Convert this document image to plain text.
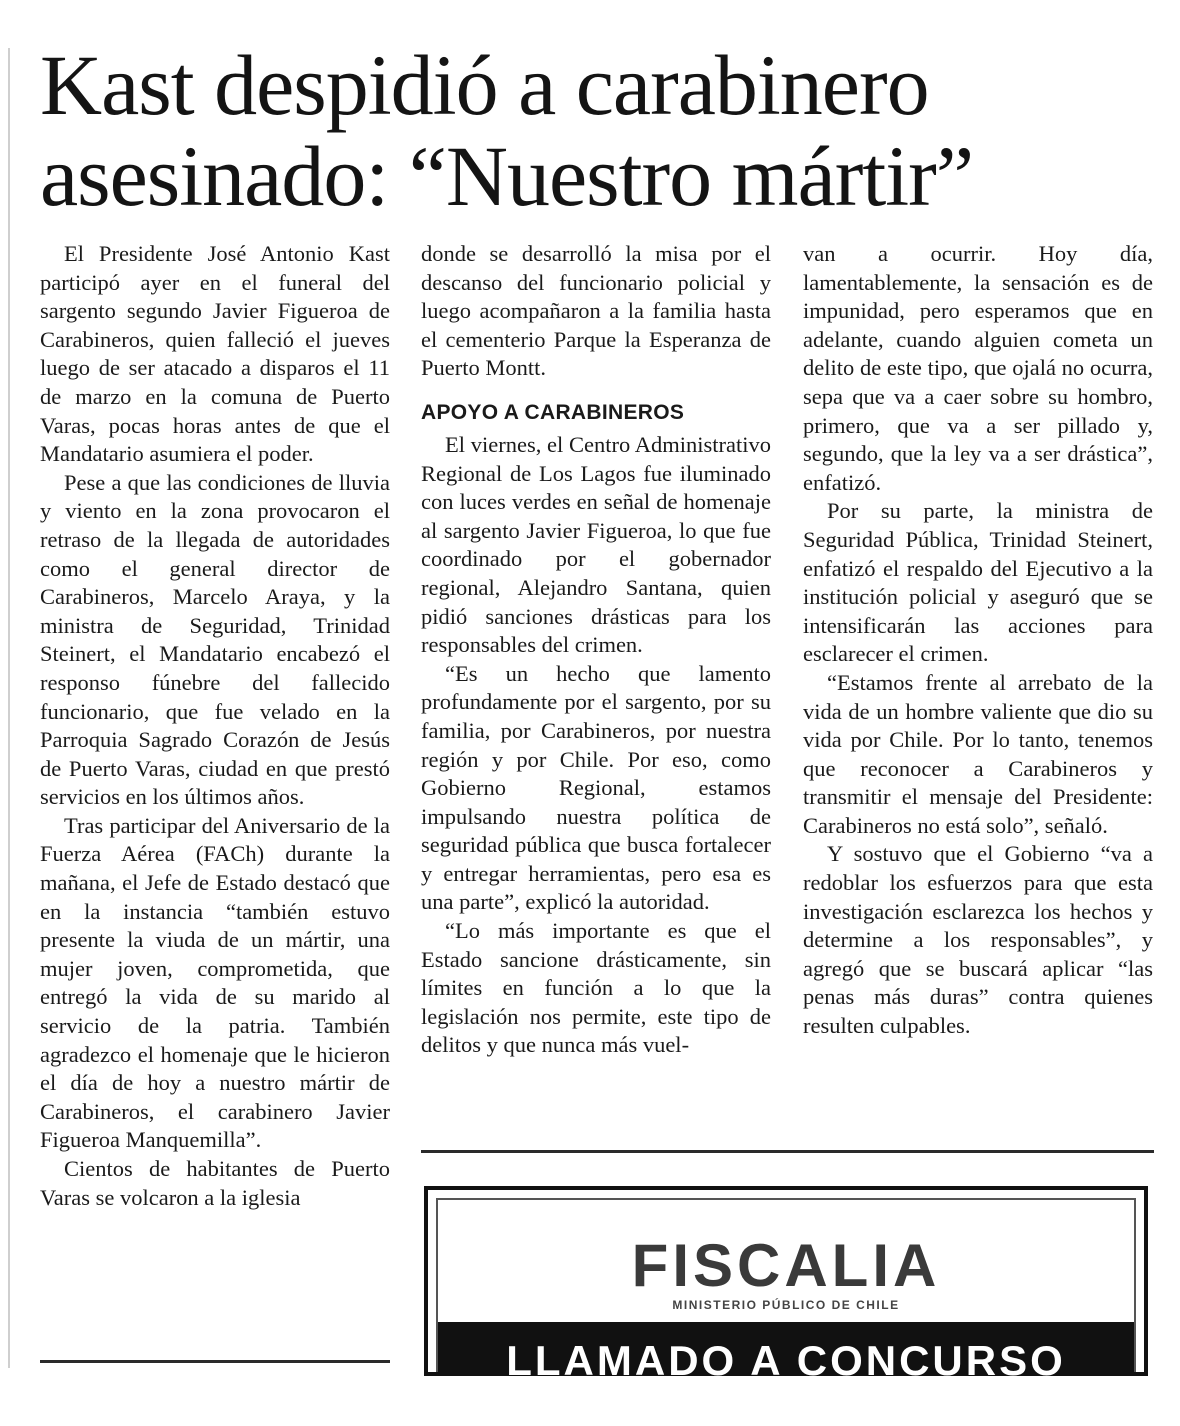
Kast despidió a carabinero asesinado: “Nuestro mártir”

El Presidente José Antonio Kast participó ayer en el funeral del sargento segundo Javier Figueroa de Carabineros, quien falleció el jueves luego de ser atacado a disparos el 11 de marzo en la comuna de Puerto Varas, pocas horas antes de que el Mandatario asumiera el poder.

Pese a que las condiciones de lluvia y viento en la zona provocaron el retraso de la llegada de autoridades como el general director de Carabineros, Marcelo Araya, y la ministra de Seguridad, Trinidad Steinert, el Mandatario encabezó el responso fúnebre del fallecido funcionario, que fue velado en la Parroquia Sagrado Corazón de Jesús de Puerto Varas, ciudad en que prestó servicios en los últimos años.

Tras participar del Aniversario de la Fuerza Aérea (FACh) durante la mañana, el Jefe de Estado destacó que en la instancia “también estuvo presente la viuda de un mártir, una mujer joven, comprometida, que entregó la vida de su marido al servicio de la patria. También agradezco el homenaje que le hicieron el día de hoy a nuestro mártir de Carabineros, el carabinero Javier Figueroa Manquemilla”.

Cientos de habitantes de Puerto Varas se volcaron a la iglesia

donde se desarrolló la misa por el descanso del funcionario policial y luego acompañaron a la familia hasta el cementerio Parque la Esperanza de Puerto Montt.

APOYO A CARABINEROS

El viernes, el Centro Administrativo Regional de Los Lagos fue iluminado con luces verdes en señal de homenaje al sargento Javier Figueroa, lo que fue coordinado por el gobernador regional, Alejandro Santana, quien pidió sanciones drásticas para los responsables del crimen.

“Es un hecho que lamento profundamente por el sargento, por su familia, por Carabineros, por nuestra región y por Chile. Por eso, como Gobierno Regional, estamos impulsando nuestra política de seguridad pública que busca fortalecer y entregar herramientas, pero esa es una parte”, explicó la autoridad.

“Lo más importante es que el Estado sancione drásticamente, sin límites en función a lo que la legislación nos permite, este tipo de delitos y que nunca más vuel-

van a ocurrir. Hoy día, lamentablemente, la sensación es de impunidad, pero esperamos que en adelante, cuando alguien cometa un delito de este tipo, que ojalá no ocurra, sepa que va a caer sobre su hombro, primero, que va a ser pillado y, segundo, que la ley va a ser drástica”, enfatizó.

Por su parte, la ministra de Seguridad Pública, Trinidad Steinert, enfatizó el respaldo del Ejecutivo a la institución policial y aseguró que se intensificarán las acciones para esclarecer el crimen.

“Estamos frente al arrebato de la vida de un hombre valiente que dio su vida por Chile. Por lo tanto, tenemos que reconocer a Carabineros y transmitir el mensaje del Presidente: Carabineros no está solo”, señaló.

Y sostuvo que el Gobierno “va a redoblar los esfuerzos para que esta investigación esclarezca los hechos y determine a los responsables”, y agregó que se buscará aplicar “las penas más duras” contra quienes resulten culpables.

FISCALIA
MINISTERIO PÚBLICO DE CHILE
LLAMADO A CONCURSO PÚBLICO
